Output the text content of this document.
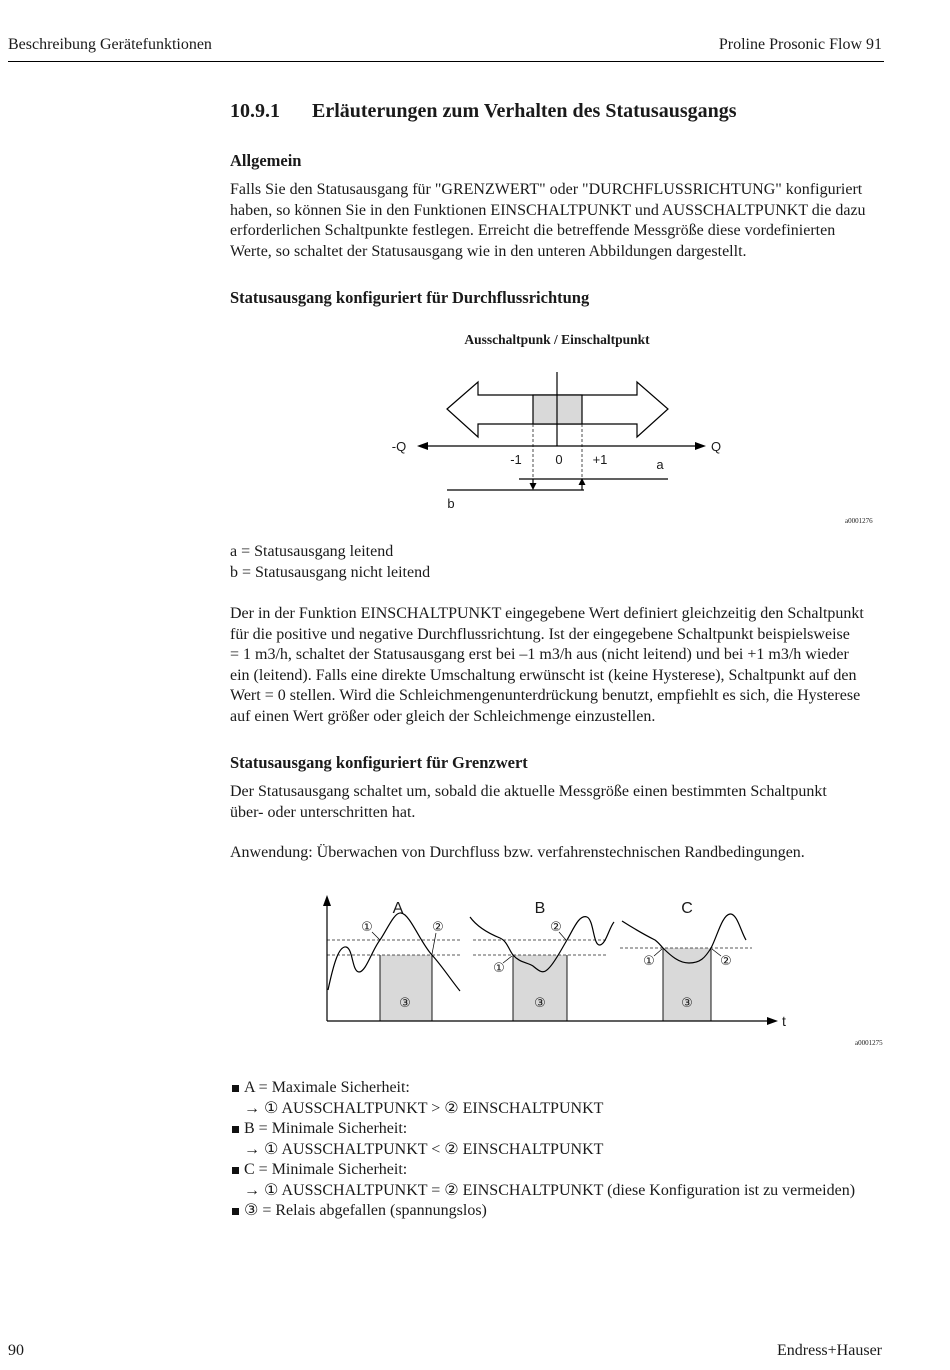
Beschreibung Gerätefunktionen	Proline Prosonic Flow 91
10.9.1 Erläuterungen zum Verhalten des Statusausgangs
Allgemein
Falls Sie den Statusausgang für "GRENZWERT" oder "DURCHFLUSSRICHTUNG" konfiguriert
haben, so können Sie in den Funktionen EINSCHALTPUNKT und AUSSCHALTPUNKT die dazu
erforderlichen Schaltpunkte festlegen. Erreicht die betreffende Messgröße diese vordefinierten
Werte, so schaltet der Statusausgang wie in den unteren Abbildungen dargestellt.
Statusausgang konfiguriert für Durchflussrichtung
Ausschaltpunk / Einschaltpunkt
-Q	Q
-1	0 +1	a
b
a0001276
a = Statusausgang leitend
b = Statusausgang nicht leitend
Der in der Funktion EINSCHALTPUNKT eingegebene Wert definiert gleichzeitig den Schaltpunkt
für die positive und negative Durchflussrichtung. Ist der eingegebene Schaltpunkt beispielsweise
= 1 m3/h, schaltet der Statusausgang erst bei –1 m3/h aus (nicht leitend) und bei +1 m3/h wieder
ein (leitend). Falls eine direkte Umschaltung erwünscht ist (keine Hysterese), Schaltpunkt auf den
Wert = 0 stellen. Wird die Schleichmengenunterdrückung benutzt, empfiehlt es sich, die Hysterese
auf einen Wert größer oder gleich der Schleichmenge einzustellen.
Statusausgang konfiguriert für Grenzwert
Der Statusausgang schaltet um, sobald die aktuelle Messgröße einen bestimmten Schaltpunkt
über- oder unterschritten hat.
Anwendung: Überwachen von Durchfluss bzw. verfahrenstechnischen Randbedingungen.
t
A	B	C
①	②
③
①
②
③
①	②
③
a0001275
A = Maximale Sicherheit:
→ ① AUSSCHALTPUNKT > ② EINSCHALTPUNKT
B = Minimale Sicherheit:
→ ① AUSSCHALTPUNKT < ② EINSCHALTPUNKT
C = Minimale Sicherheit:
→ ① AUSSCHALTPUNKT = ② EINSCHALTPUNKT (diese Konfiguration ist zu vermeiden)
③ = Relais abgefallen (spannungslos)
90	Endress+Hauser
